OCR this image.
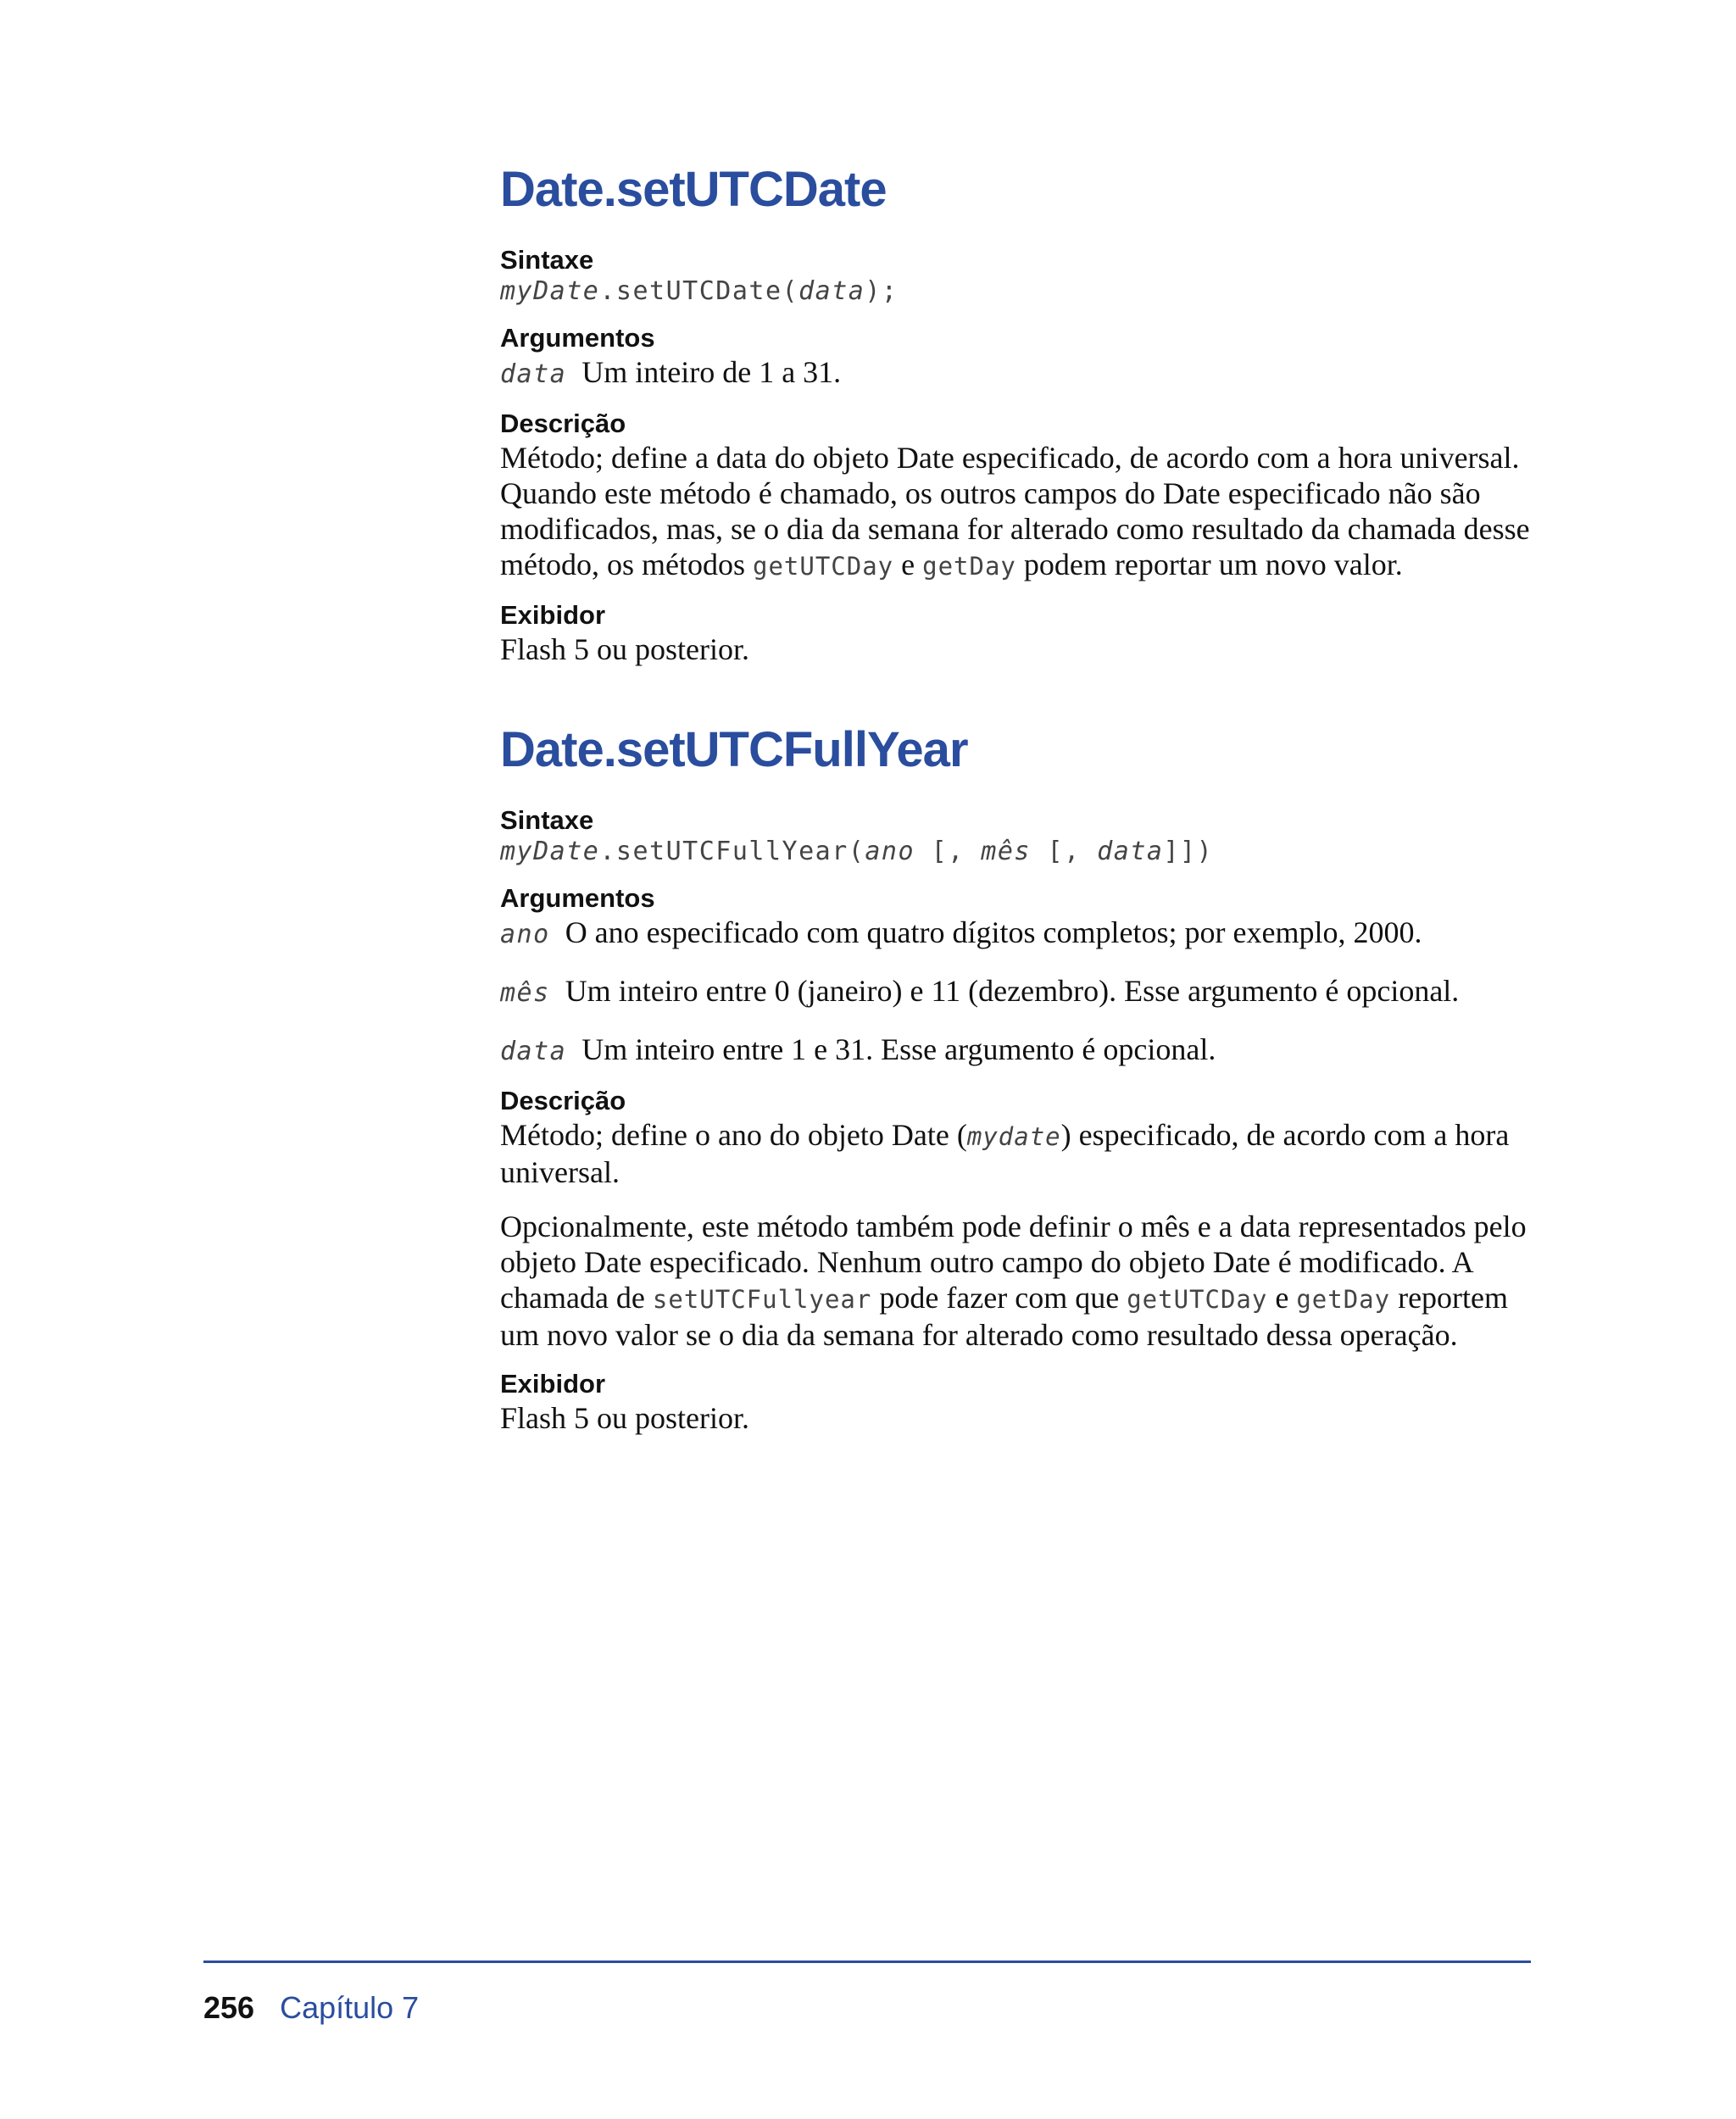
Date.setUTCDate
Sintaxe
myDate.setUTCDate(data);
Argumentos

data Um inteiro de 1 a 31.

Descrição

Método; define a data do objeto Date especificado, de acordo com a hora universal. Quando este método é chamado, os outros campos do Date especificado não são modificados, mas, se o dia da semana for alterado como resultado da chamada desse método, os métodos getUTCDay e getDay podem reportar um novo valor.

Exibidor

Flash 5 ou posterior.

Date.setUTCFullYear
Sintaxe
myDate.setUTCFullYear(ano [, mês [, data]])
Argumentos

ano O ano especificado com quatro dígitos completos; por exemplo, 2000.

mês Um inteiro entre 0 (janeiro) e 11 (dezembro). Esse argumento é opcional.

data Um inteiro entre 1 e 31. Esse argumento é opcional.

Descrição

Método; define o ano do objeto Date (mydate) especificado, de acordo com a hora universal.

Opcionalmente, este método também pode definir o mês e a data representados pelo objeto Date especificado. Nenhum outro campo do objeto Date é modificado. A chamada de setUTCFullyear pode fazer com que getUTCDay e getDay reportem um novo valor se o dia da semana for alterado como resultado dessa operação.

Exibidor

Flash 5 ou posterior.

256 Capítulo 7
